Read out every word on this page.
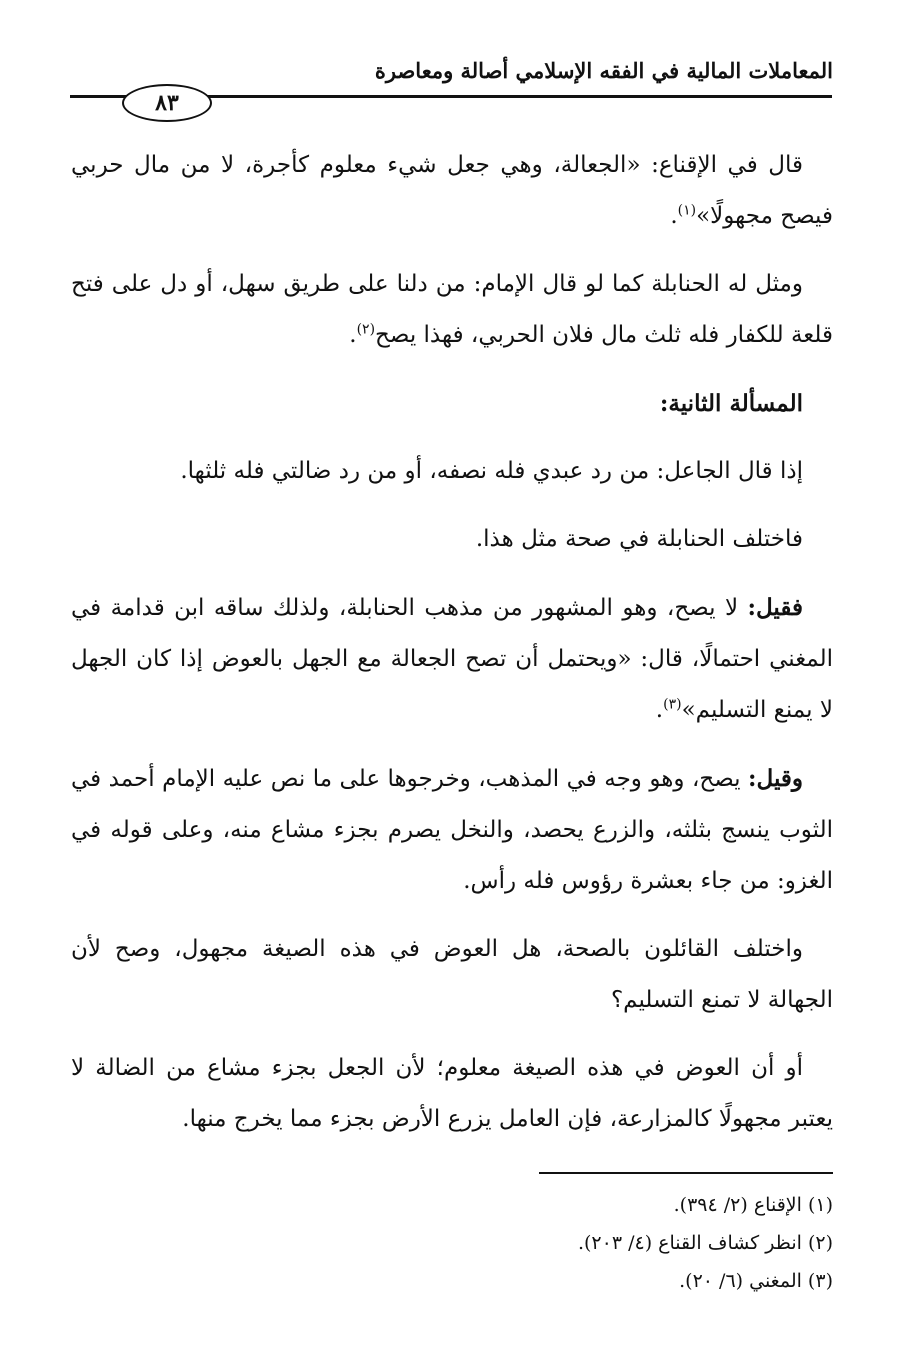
المعاملات المالية في الفقه الإسلامي أصالة ومعاصرة
٨٣

قال في الإقناع: «الجعالة، وهي جعل شيء معلوم كأجرة، لا من مال حربي فيصح مجهولًا»$^{(١)}$.

ومثل له الحنابلة كما لو قال الإمام: من دلنا على طريق سهل، أو دل على فتح قلعة للكفار فله ثلث مال فلان الحربي، فهذا يصح$^{(٢)}$.

المسألة الثانية:

إذا قال الجاعل: من رد عبدي فله نصفه، أو من رد ضالتي فله ثلثها.

فاختلف الحنابلة في صحة مثل هذا.

فقيل: لا يصح، وهو المشهور من مذهب الحنابلة، ولذلك ساقه ابن قدامة في المغني احتمالًا، قال: «ويحتمل أن تصح الجعالة مع الجهل بالعوض إذا كان الجهل لا يمنع التسليم»$^{(٣)}$.

وقيل: يصح، وهو وجه في المذهب، وخرجوها على ما نص عليه الإمام أحمد في الثوب ينسج بثلثه، والزرع يحصد، والنخل يصرم بجزء مشاع منه، وعلى قوله في الغزو: من جاء بعشرة رؤوس فله رأس.

واختلف القائلون بالصحة، هل العوض في هذه الصيغة مجهول، وصح لأن الجهالة لا تمنع التسليم؟

أو أن العوض في هذه الصيغة معلوم؛ لأن الجعل بجزء مشاع من الضالة لا يعتبر مجهولًا كالمزارعة، فإن العامل يزرع الأرض بجزء مما يخرج منها.

(١) الإقناع (٢/ ٣٩٤).
(٢) انظر كشاف القناع (٤/ ٢٠٣).
(٣) المغني (٦/ ٢٠).
